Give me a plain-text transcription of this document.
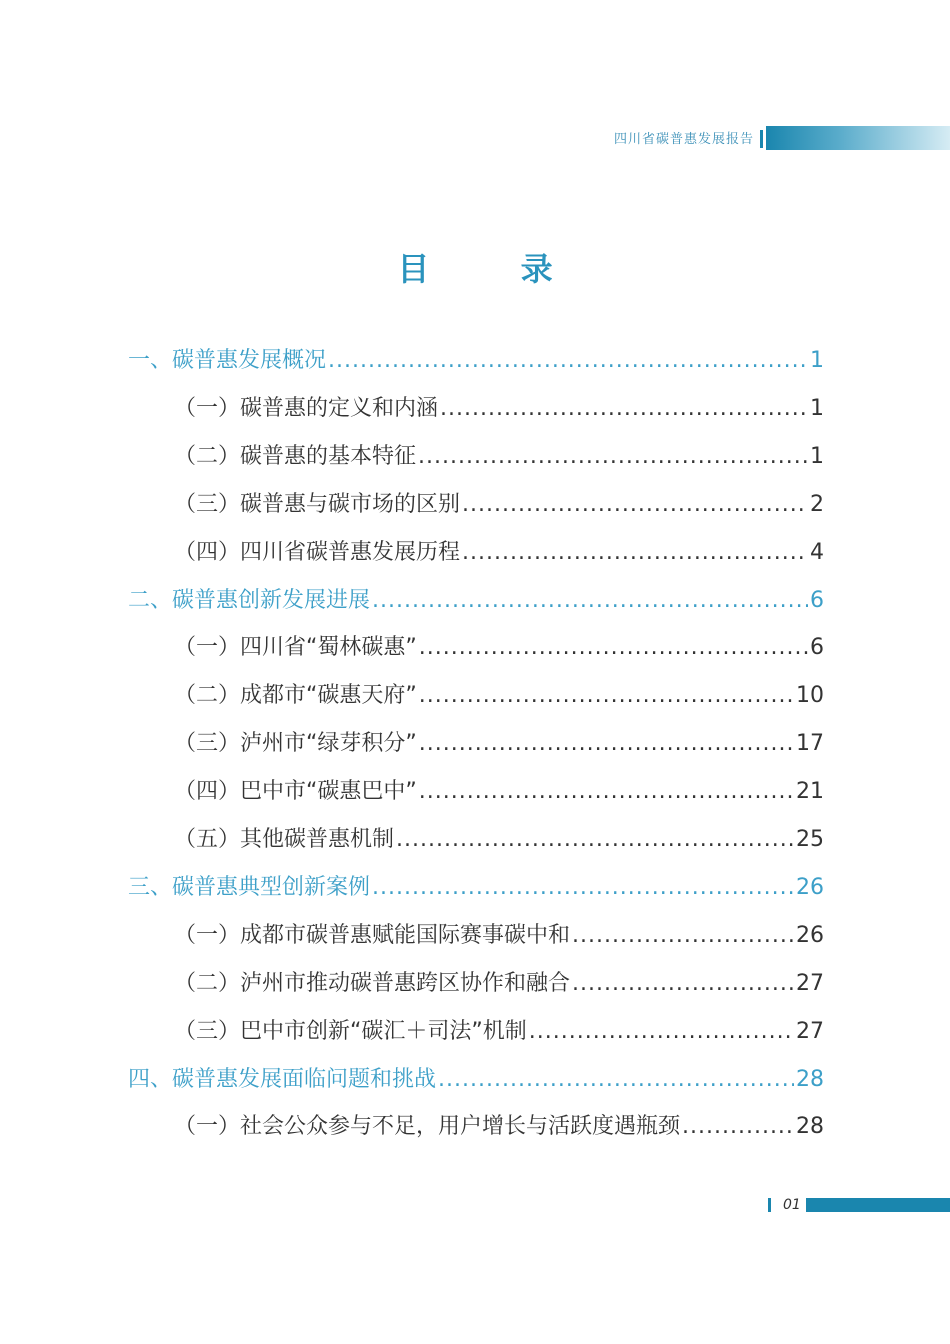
四川省碳普惠发展报告
目 录
一、碳普惠发展概况 .....	1
（一）碳普惠的定义和内涵 .....	1
（二）碳普惠的基本特征 .....	1
（三）碳普惠与碳市场的区别 .....	2
（四）四川省碳普惠发展历程 .....	4
二、碳普惠创新发展进展 .....	6
（一）四川省“蜀林碳惠” .....	6
（二）成都市“碳惠天府” .....	10
（三）泸州市“绿芽积分” .....	17
（四）巴中市“碳惠巴中” .....	21
（五）其他碳普惠机制 .....	25
三、碳普惠典型创新案例 .....	26
（一）成都市碳普惠赋能国际赛事碳中和 .....	26
（二）泸州市推动碳普惠跨区协作和融合 .....	27
（三）巴中市创新“碳汇＋司法”机制 .....	27
四、碳普惠发展面临问题和挑战 .....	28
（一）社会公众参与不足，用户增长与活跃度遇瓶颈 .....	28
01
